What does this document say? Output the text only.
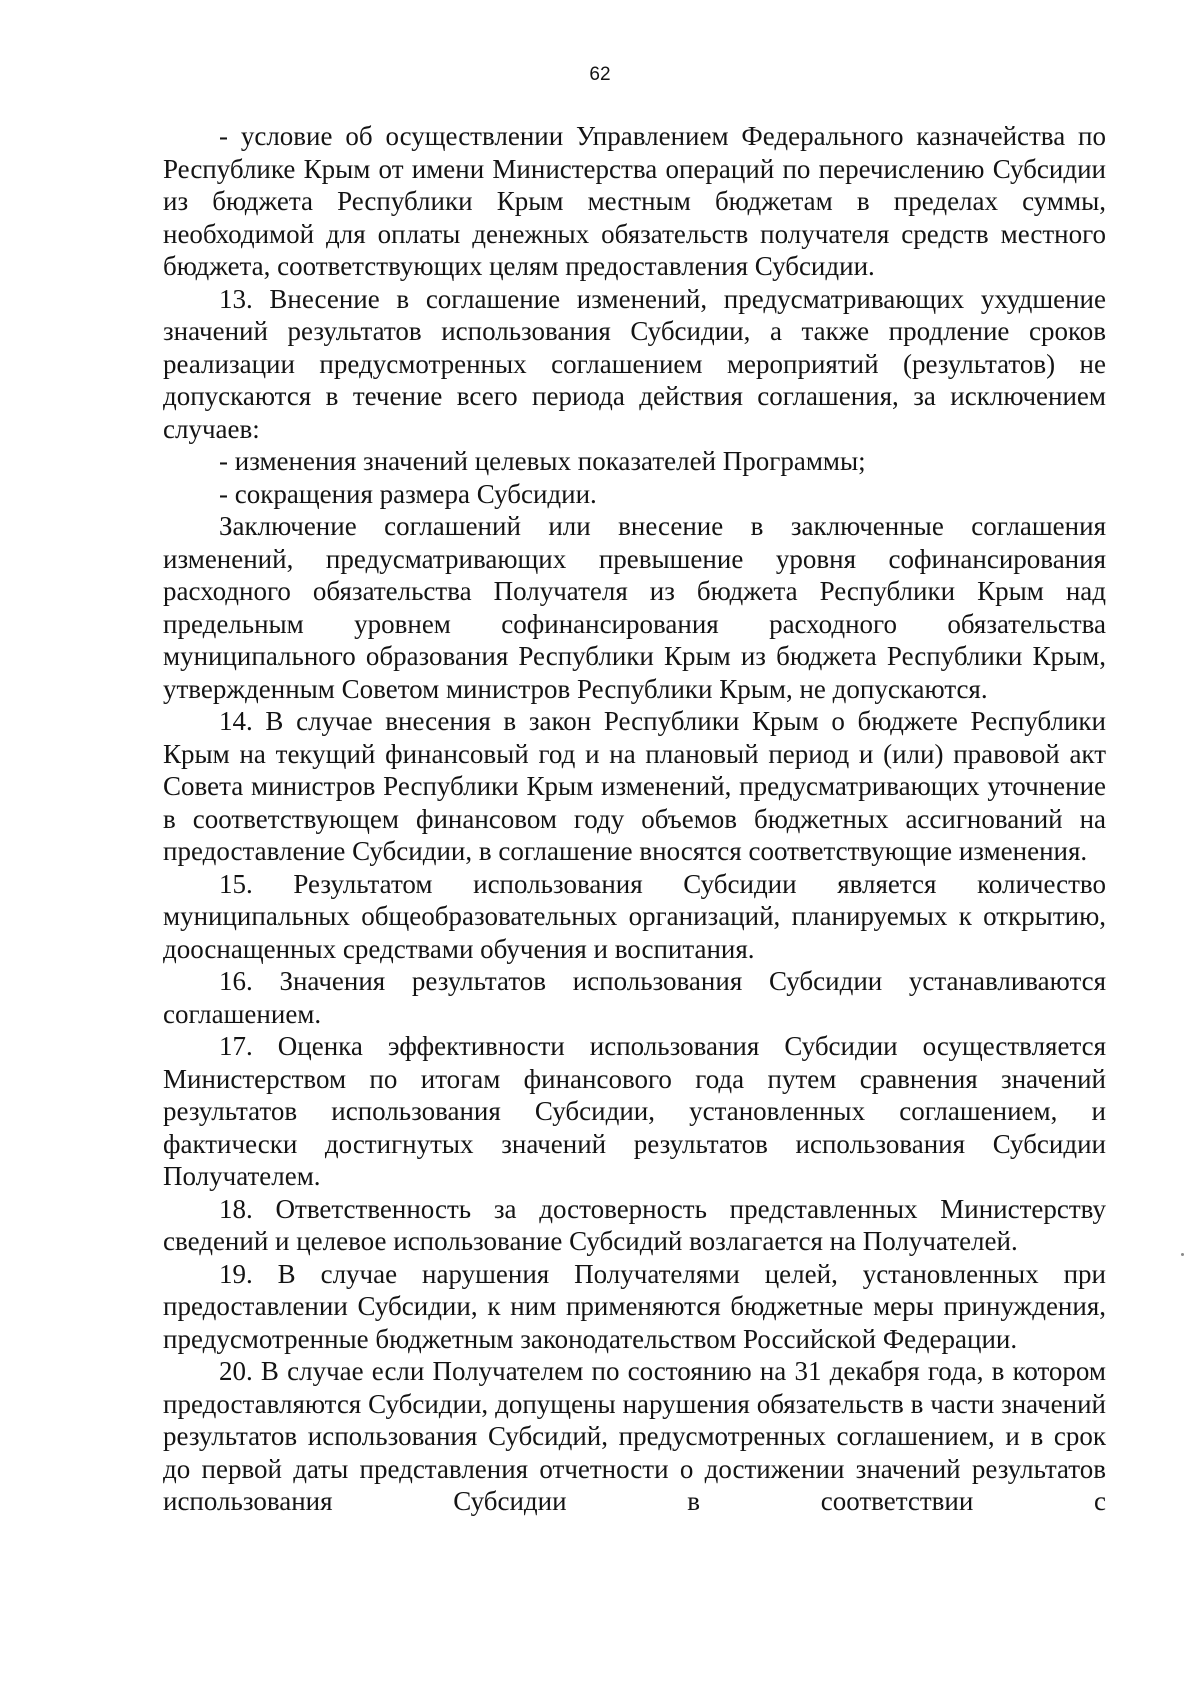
62

- условие об осуществлении Управлением Федерального казначейства по Республике Крым от имени Министерства операций по перечислению Субсидии из бюджета Республики Крым местным бюджетам в пределах суммы, необходимой для оплаты денежных обязательств получателя средств местного бюджета, соответствующих целям предоставления Субсидии.

13. Внесение в соглашение изменений, предусматривающих ухудшение значений результатов использования Субсидии, а также продление сроков реализации предусмотренных соглашением мероприятий (результатов) не допускаются в течение всего периода действия соглашения, за исключением случаев:

- изменения значений целевых показателей Программы;

- сокращения размера Субсидии.

Заключение соглашений или внесение в заключенные соглашения изменений, предусматривающих превышение уровня софинансирования расходного обязательства Получателя из бюджета Республики Крым над предельным уровнем софинансирования расходного обязательства муниципального образования Республики Крым из бюджета Республики Крым, утвержденным Советом министров Республики Крым, не допускаются.

14. В случае внесения в закон Республики Крым о бюджете Республики Крым на текущий финансовый год и на плановый период и (или) правовой акт Совета министров Республики Крым изменений, предусматривающих уточнение в соответствующем финансовом году объемов бюджетных ассигнований на предоставление Субсидии, в соглашение вносятся соответствующие изменения.

15. Результатом использования Субсидии является количество муниципальных общеобразовательных организаций, планируемых к открытию, дооснащенных средствами обучения и воспитания.

16. Значения результатов использования Субсидии устанавливаются соглашением.

17. Оценка эффективности использования Субсидии осуществляется Министерством по итогам финансового года путем сравнения значений результатов использования Субсидии, установленных соглашением, и фактически достигнутых значений результатов использования Субсидии Получателем.

18. Ответственность за достоверность представленных Министерству сведений и целевое использование Субсидий возлагается на Получателей.

19. В случае нарушения Получателями целей, установленных при предоставлении Субсидии, к ним применяются бюджетные меры принуждения, предусмотренные бюджетным законодательством Российской Федерации.

20. В случае если Получателем по состоянию на 31 декабря года, в котором предоставляются Субсидии, допущены нарушения обязательств в части значений результатов использования Субсидий, предусмотренных соглашением, и в срок до первой даты представления отчетности о достижении значений результатов использования Субсидии в соответствии с
